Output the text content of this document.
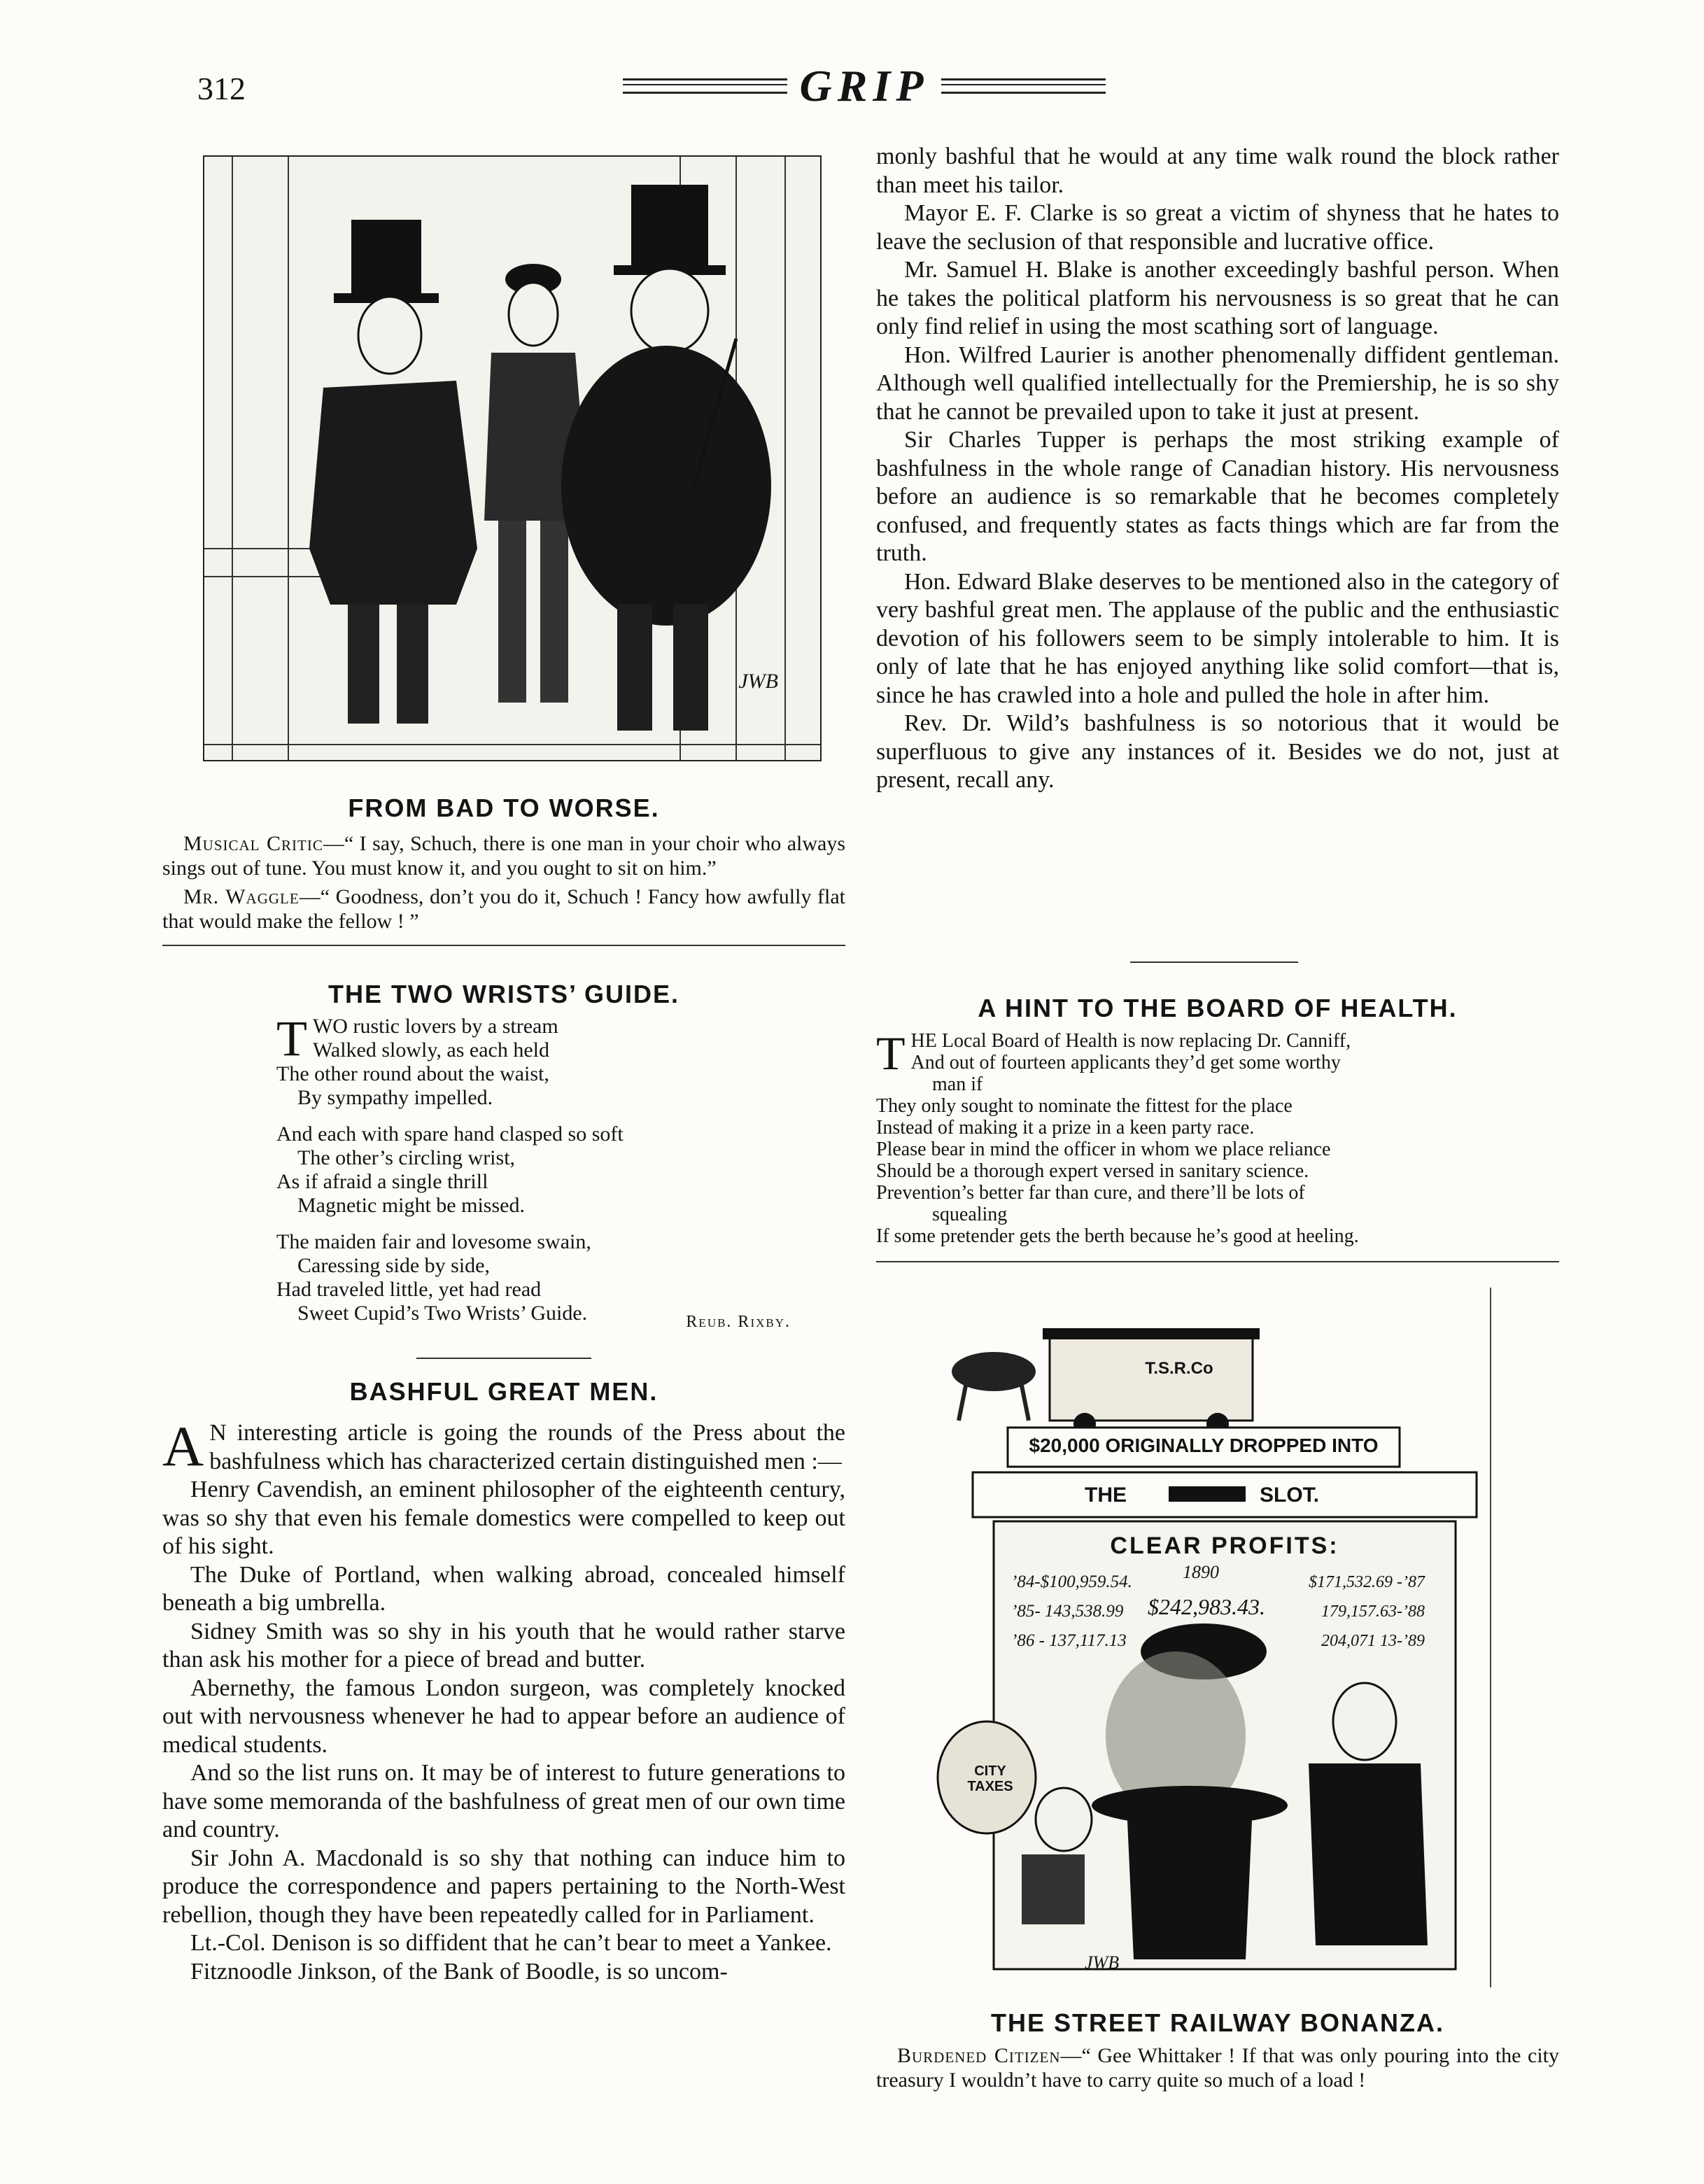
312	GRIP
JWB
FROM BAD TO WORSE.

Musical Critic—“ I say, Schuch, there is one man in your choir who always sings out of tune. You must know it, and you ought to sit on him.”

Mr. Waggle—“ Goodness, don’t you do it, Schuch ! Fancy how awfully flat that would make the fellow ! ”

THE TWO WRISTS’ GUIDE.
T WO rustic lovers by a stream
Walked slowly, as each held
The other round about the waist,
By sympathy impelled.
And each with spare hand clasped so soft
The other’s circling wrist,
As if afraid a single thrill
Magnetic might be missed.
The maiden fair and lovesome swain,
Caressing side by side,
Had traveled little, yet had read
Sweet Cupid’s Two Wrists’ Guide.	Reub. Rixby.
BASHFUL GREAT MEN.

A N interesting article is going the rounds of the Press about the bashfulness which has characterized certain distinguished men :—

Henry Cavendish, an eminent philosopher of the eighteenth century, was so shy that even his female domestics were compelled to keep out of his sight.

The Duke of Portland, when walking abroad, concealed himself beneath a big umbrella.

Sidney Smith was so shy in his youth that he would rather starve than ask his mother for a piece of bread and butter.

Abernethy, the famous London surgeon, was completely knocked out with nervousness whenever he had to appear before an audience of medical students.

And so the list runs on. It may be of interest to future generations to have some memoranda of the bashfulness of great men of our own time and country.

Sir John A. Macdonald is so shy that nothing can induce him to produce the correspondence and papers pertaining to the North-West rebellion, though they have been repeatedly called for in Parliament.

Lt.-Col. Denison is so diffident that he can’t bear to meet a Yankee.

Fitznoodle Jinkson, of the Bank of Boodle, is so uncom-

monly bashful that he would at any time walk round the block rather than meet his tailor.

Mayor E. F. Clarke is so great a victim of shyness that he hates to leave the seclusion of that responsible and lucrative office.

Mr. Samuel H. Blake is another exceedingly bashful person. When he takes the political platform his nervousness is so great that he can only find relief in using the most scathing sort of language.

Hon. Wilfred Laurier is another phenomenally diffident gentleman. Although well qualified intellectually for the Premiership, he is so shy that he cannot be prevailed upon to take it just at present.

Sir Charles Tupper is perhaps the most striking example of bashfulness in the whole range of Canadian history. His nervousness before an audience is so remarkable that he becomes completely confused, and frequently states as facts things which are far from the truth.

Hon. Edward Blake deserves to be mentioned also in the category of very bashful great men. The applause of the public and the enthusiastic devotion of his followers seem to be simply intolerable to him. It is only of late that he has enjoyed anything like solid comfort—that is, since he has crawled into a hole and pulled the hole in after him.

Rev. Dr. Wild’s bashfulness is so notorious that it would be superfluous to give any instances of it. Besides we do not, just at present, recall any.

A HINT TO THE BOARD OF HEALTH.
T HE Local Board of Health is now replacing Dr. Canniff,
And out of fourteen applicants they’d get some worthy
man if
They only sought to nominate the fittest for the place
Instead of making it a prize in a keen party race.
Please bear in mind the officer in whom we place reliance
Should be a thorough expert versed in sanitary science.
Prevention’s better far than cure, and there’ll be lots of
squealing
If some pretender gets the berth because he’s good at heeling.
T.S.R.Co
$20,000 ORIGINALLY DROPPED INTO
THE	SLOT.
CLEAR PROFITS:
’84-$100,959.54.
’85- 143,538.99
’86 - 137,117.13
1890
$242,983.43.
$171,532.69 -’87
179,157.63-’88
204,071 13-’89
CITY TAXES
JWB
THE STREET RAILWAY BONANZA.

Burdened Citizen—“ Gee Whittaker ! If that was only pouring into the city treasury I wouldn’t have to carry quite so much of a load !
